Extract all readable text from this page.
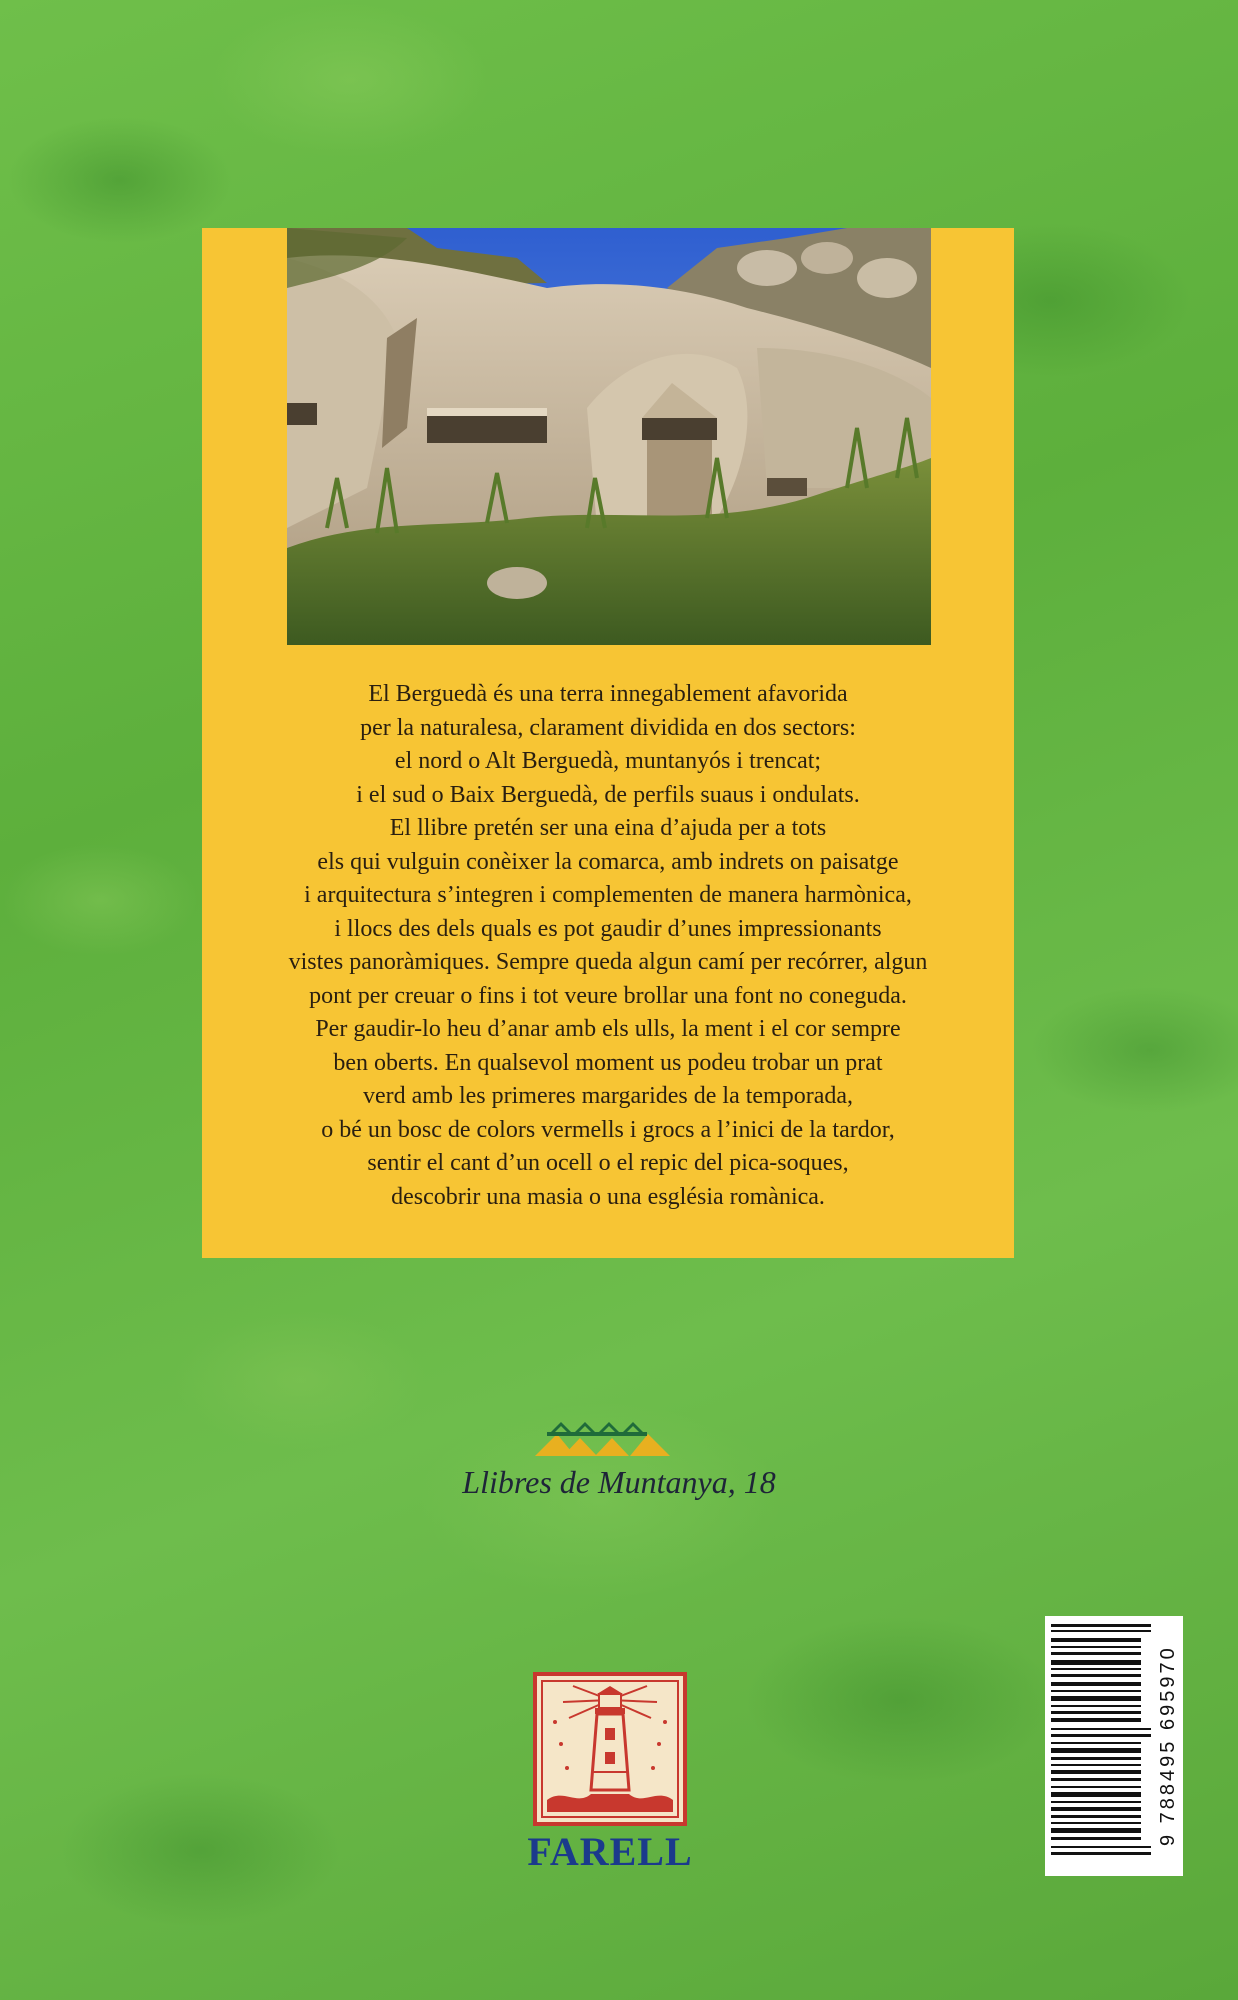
El Berguedà és una terra innegablement afavorida
per la naturalesa, clarament dividida en dos sectors:
el nord o Alt Berguedà, muntanyós i trencat;
i el sud o Baix Berguedà, de perfils suaus i ondulats.
El llibre pretén ser una eina d’ajuda per a tots
els qui vulguin conèixer la comarca, amb indrets on paisatge
i arquitectura s’integren i complementen de manera harmònica,
i llocs des dels quals es pot gaudir d’unes impressionants
vistes panoràmiques. Sempre queda algun camí per recórrer, algun
pont per creuar o fins i tot veure brollar una font no coneguda.
Per gaudir-lo heu d’anar amb els ulls, la ment i el cor sempre
ben oberts. En qualsevol moment us podeu trobar un prat
verd amb les primeres margarides de la temporada,
o bé un bosc de colors vermells i grocs a l’inici de la tardor,
sentir el cant d’un ocell o el repic del pica-soques,
descobrir una masia o una església romànica.

Llibres de Muntanya, 18

FARELL
9 788495 695970
